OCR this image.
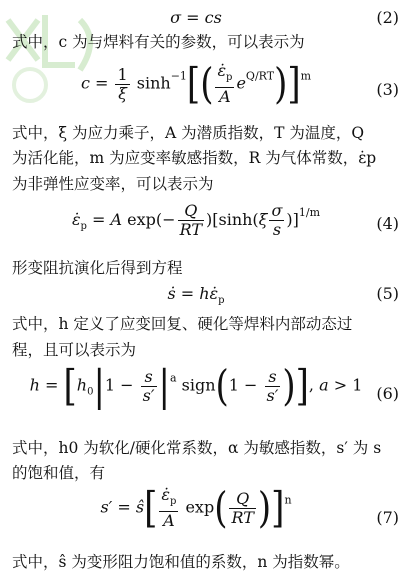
σ = cs	(2)
式中，c 为与焊料有关的参数，可以表示为
$c = \frac{1}{\xi} \sinh^{-1}[( \frac{\varepsiloṅ_p}{A} e^{Q/RT})]^m$
(3)
式中，ξ 为应力乘子，A 为潜质指数，T 为温度，Q
为活化能，m 为应变率敏感指数，R 为气体常数，ε̇p
为非弹性应变率，可以表示为
$\varepsiloṅ_p = A$ $\exp(- \frac{Q}{RT} )[\sinh(\xi \frac{\sigma}{s} )]^{1/m}$
(4)
形变阻抗演化后得到方程
ṡ = $h\varepsiloṅ_p$	(5)
式中，h 定义了应变回复、硬化等焊料内部动态过
程，且可以表示为
$h = [h_0|1 - \frac{s}{s'} |^a$ sign(1 − $\frac{s}{s'}$ )], a > 1 (6)
式中，h0 为软化/硬化常系数，α 为敏感指数，s′ 为 s
的饱和值，有
s′ = ŝ[ $\frac{\varepsiloṅ_p}{A} \exp( \frac{Q}{RT} )]^n$
(7)
式中，ŝ 为变形阻力饱和值的系数，n 为指数幂。
